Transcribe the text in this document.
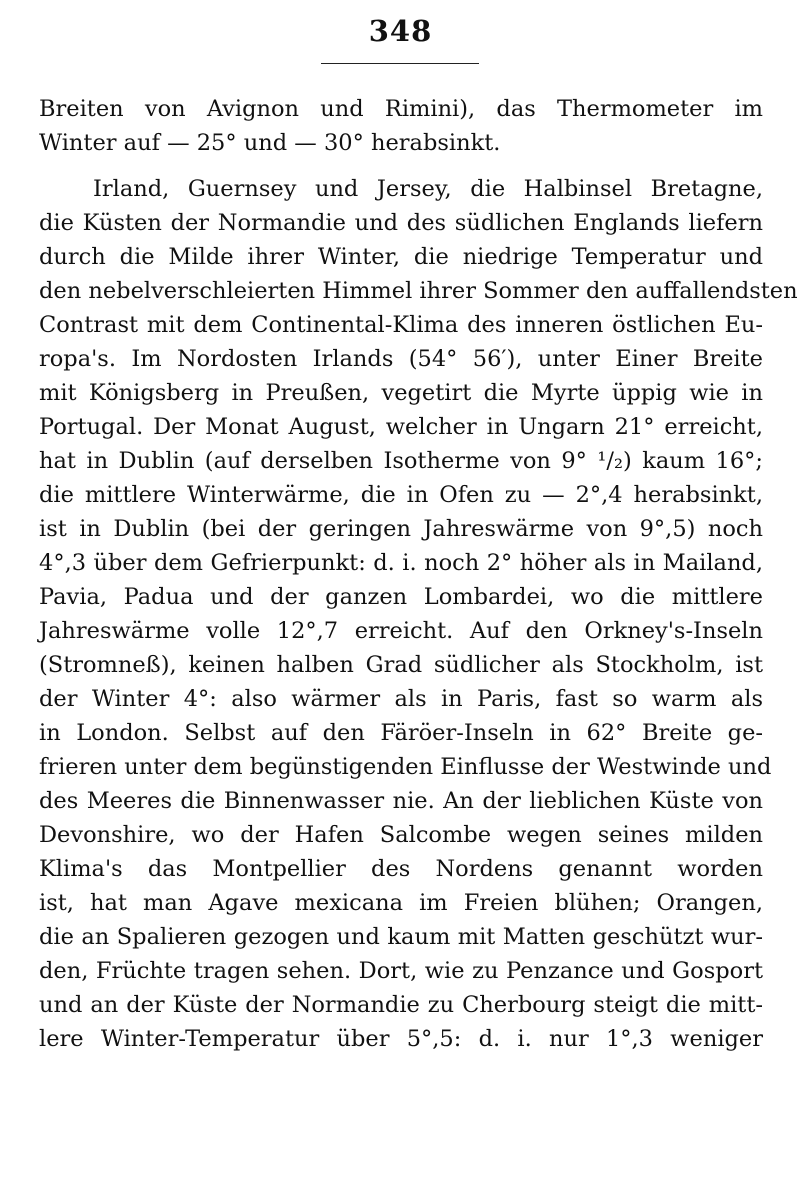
348
Breiten von Avignon und Rimini), das Thermometer im
Winter auf — 25° und — 30° herabsinkt.
Irland, Guernsey und Jersey, die Halbinsel Bretagne,
die Küsten der Normandie und des südlichen Englands liefern
durch die Milde ihrer Winter, die niedrige Temperatur und
den nebelverschleierten Himmel ihrer Sommer den auffallendsten
Contrast mit dem Continental-Klima des inneren östlichen Eu-
ropa's. Im Nordosten Irlands (54° 56′), unter Einer Breite
mit Königsberg in Preußen, vegetirt die Myrte üppig wie in
Portugal. Der Monat August, welcher in Ungarn 21° erreicht,
hat in Dublin (auf derselben Isotherme von 9° ¹/₂) kaum 16°;
die mittlere Winterwärme, die in Ofen zu — 2°,4 herabsinkt,
ist in Dublin (bei der geringen Jahreswärme von 9°,5) noch
4°,3 über dem Gefrierpunkt: d. i. noch 2° höher als in Mailand,
Pavia, Padua und der ganzen Lombardei, wo die mittlere
Jahreswärme volle 12°,7 erreicht. Auf den Orkney's-Inseln
(Stromneß), keinen halben Grad südlicher als Stockholm, ist
der Winter 4°: also wärmer als in Paris, fast so warm als
in London. Selbst auf den Färöer-Inseln in 62° Breite ge-
frieren unter dem begünstigenden Einflusse der Westwinde und
des Meeres die Binnenwasser nie. An der lieblichen Küste von
Devonshire, wo der Hafen Salcombe wegen seines milden
Klima's das Montpellier des Nordens genannt worden
ist, hat man Agave mexicana im Freien blühen; Orangen,
die an Spalieren gezogen und kaum mit Matten geschützt wur-
den, Früchte tragen sehen. Dort, wie zu Penzance und Gosport
und an der Küste der Normandie zu Cherbourg steigt die mitt-
lere Winter-Temperatur über 5°,5: d. i. nur 1°,3 weniger
